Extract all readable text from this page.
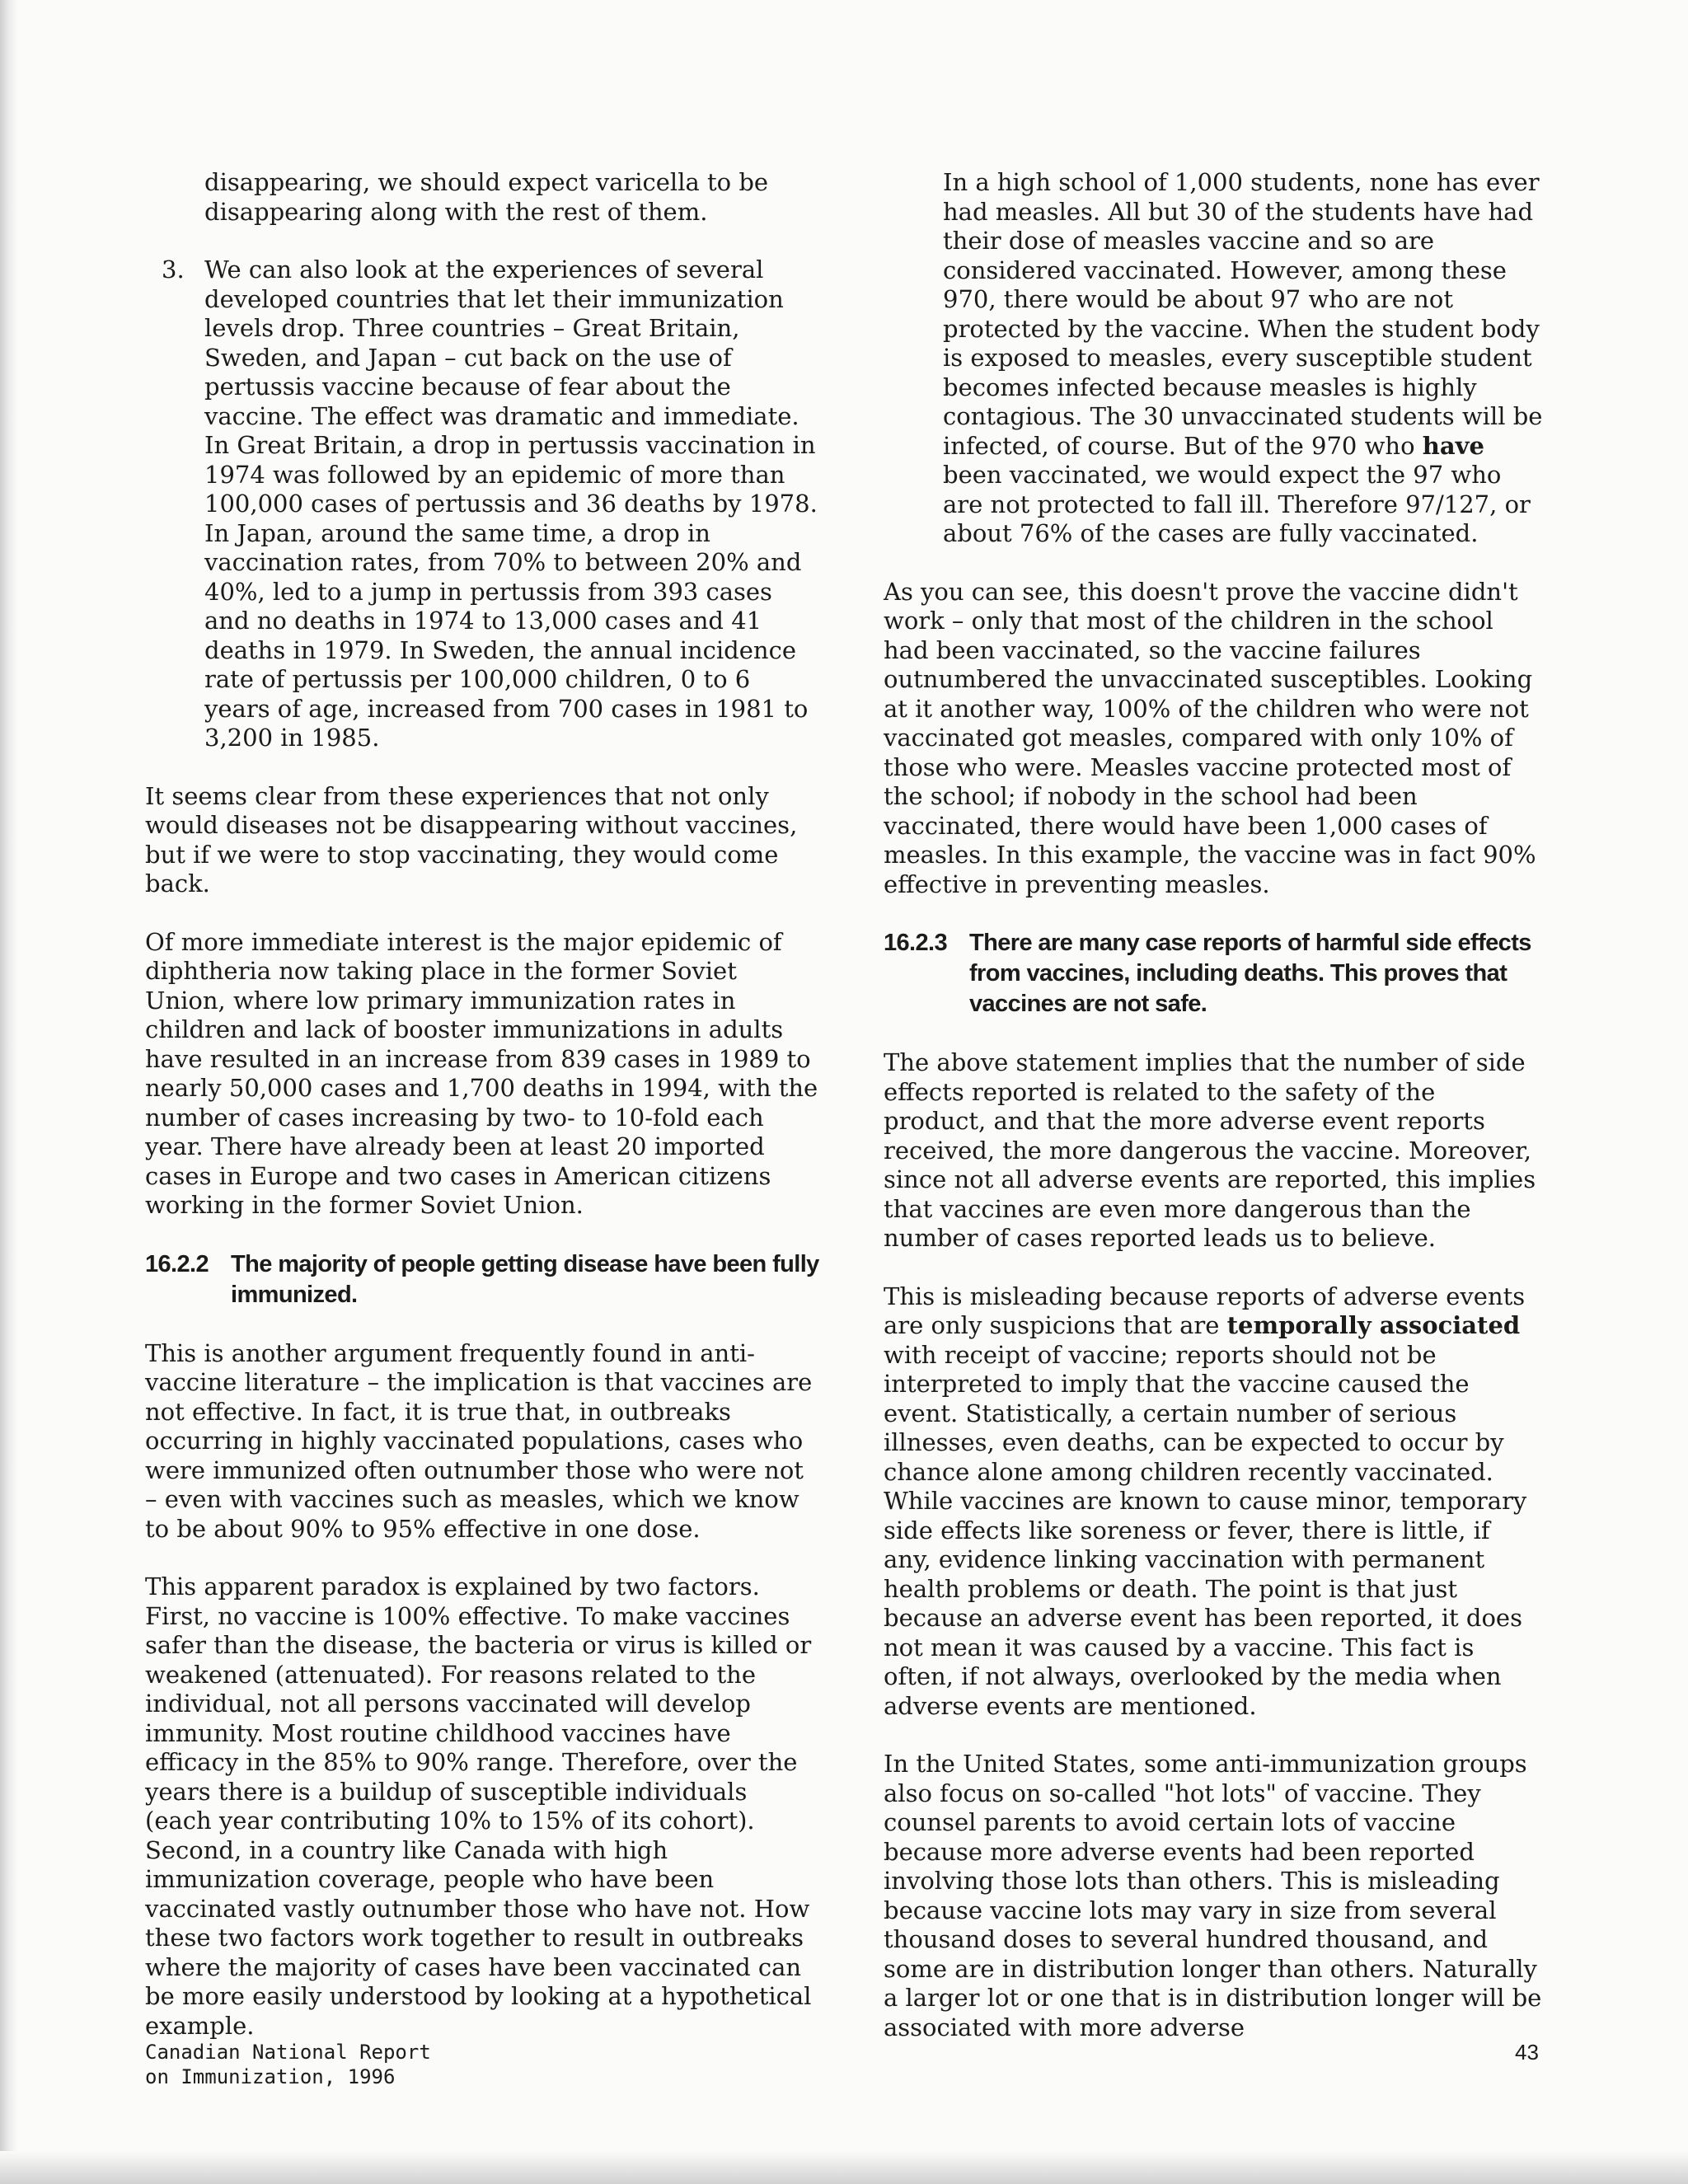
disappearing, we should expect varicella to be disappearing along with the rest of them.

3. We can also look at the experiences of several developed countries that let their immunization levels drop. Three countries – Great Britain, Sweden, and Japan – cut back on the use of pertussis vaccine because of fear about the vaccine. The effect was dramatic and immediate. In Great Britain, a drop in pertussis vaccination in 1974 was followed by an epidemic of more than 100,000 cases of pertussis and 36 deaths by 1978. In Japan, around the same time, a drop in vaccination rates, from 70% to between 20% and 40%, led to a jump in pertussis from 393 cases and no deaths in 1974 to 13,000 cases and 41 deaths in 1979. In Sweden, the annual incidence rate of pertussis per 100,000 children, 0 to 6 years of age, increased from 700 cases in 1981 to 3,200 in 1985.

It seems clear from these experiences that not only would diseases not be disappearing without vaccines, but if we were to stop vaccinating, they would come back.

Of more immediate interest is the major epidemic of diphtheria now taking place in the former Soviet Union, where low primary immunization rates in children and lack of booster immunizations in adults have resulted in an increase from 839 cases in 1989 to nearly 50,000 cases and 1,700 deaths in 1994, with the number of cases increasing by two- to 10-fold each year. There have already been at least 20 imported cases in Europe and two cases in American citizens working in the former Soviet Union.

16.2.2 The majority of people getting disease have been fully immunized.

This is another argument frequently found in anti-vaccine literature – the implication is that vaccines are not effective. In fact, it is true that, in outbreaks occurring in highly vaccinated populations, cases who were immunized often outnumber those who were not – even with vaccines such as measles, which we know to be about 90% to 95% effective in one dose.

This apparent paradox is explained by two factors. First, no vaccine is 100% effective. To make vaccines safer than the disease, the bacteria or virus is killed or weakened (attenuated). For reasons related to the individual, not all persons vaccinated will develop immunity. Most routine childhood vaccines have efficacy in the 85% to 90% range. Therefore, over the years there is a buildup of susceptible individuals (each year contributing 10% to 15% of its cohort). Second, in a country like Canada with high immunization coverage, people who have been vaccinated vastly outnumber those who have not. How these two factors work together to result in outbreaks where the majority of cases have been vaccinated can be more easily understood by looking at a hypothetical example.

In a high school of 1,000 students, none has ever had measles. All but 30 of the students have had their dose of measles vaccine and so are considered vaccinated. However, among these 970, there would be about 97 who are not protected by the vaccine. When the student body is exposed to measles, every susceptible student becomes infected because measles is highly contagious. The 30 unvaccinated students will be infected, of course. But of the 970 who have been vaccinated, we would expect the 97 who are not protected to fall ill. Therefore 97/127, or about 76% of the cases are fully vaccinated.

As you can see, this doesn't prove the vaccine didn't work – only that most of the children in the school had been vaccinated, so the vaccine failures outnumbered the unvaccinated susceptibles. Looking at it another way, 100% of the children who were not vaccinated got measles, compared with only 10% of those who were. Measles vaccine protected most of the school; if nobody in the school had been vaccinated, there would have been 1,000 cases of measles. In this example, the vaccine was in fact 90% effective in preventing measles.

16.2.3 There are many case reports of harmful side effects from vaccines, including deaths. This proves that vaccines are not safe.

The above statement implies that the number of side effects reported is related to the safety of the product, and that the more adverse event reports received, the more dangerous the vaccine. Moreover, since not all adverse events are reported, this implies that vaccines are even more dangerous than the number of cases reported leads us to believe.

This is misleading because reports of adverse events are only suspicions that are temporally associated with receipt of vaccine; reports should not be interpreted to imply that the vaccine caused the event. Statistically, a certain number of serious illnesses, even deaths, can be expected to occur by chance alone among children recently vaccinated. While vaccines are known to cause minor, temporary side effects like soreness or fever, there is little, if any, evidence linking vaccination with permanent health problems or death. The point is that just because an adverse event has been reported, it does not mean it was caused by a vaccine. This fact is often, if not always, overlooked by the media when adverse events are mentioned.

In the United States, some anti-immunization groups also focus on so-called "hot lots" of vaccine. They counsel parents to avoid certain lots of vaccine because more adverse events had been reported involving those lots than others. This is misleading because vaccine lots may vary in size from several thousand doses to several hundred thousand, and some are in distribution longer than others. Naturally a larger lot or one that is in distribution longer will be associated with more adverse

Canadian National Report
on Immunization, 1996
43
